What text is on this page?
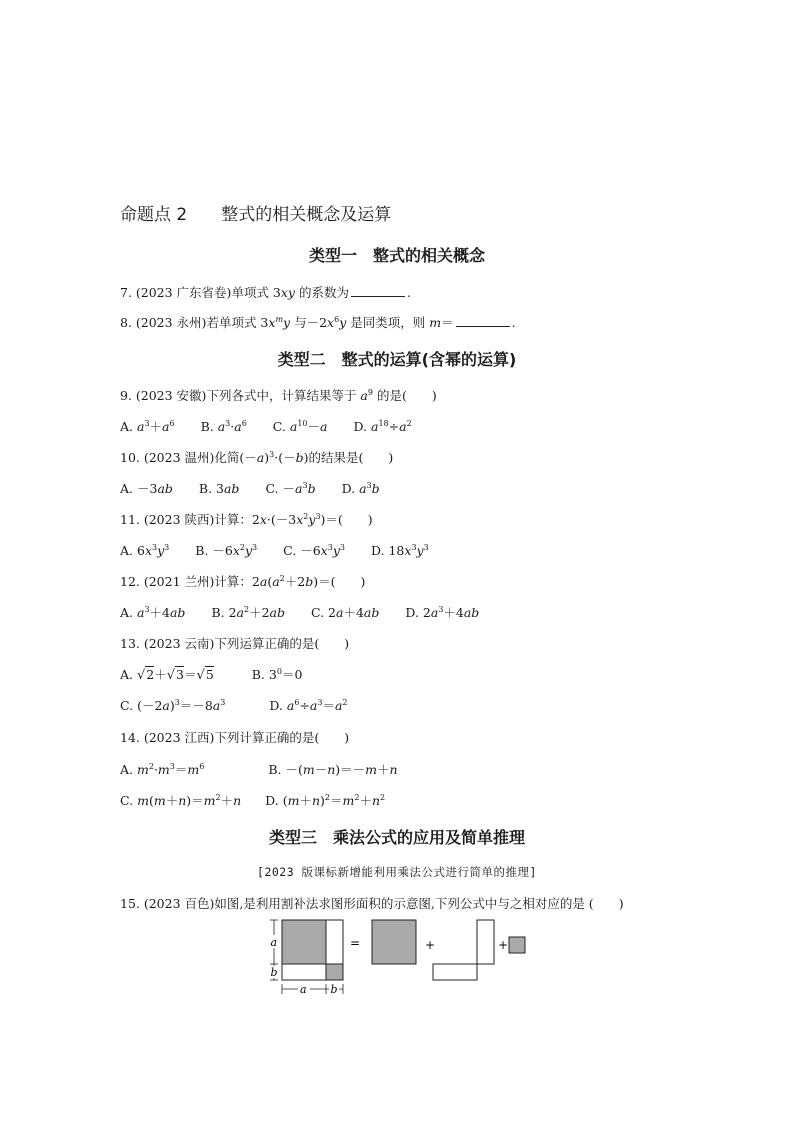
命题点 2 整式的相关概念及运算
类型一　整式的相关概念
7. (2023 广东省卷)单项式 3xy 的系数为	.
8. (2023 永州)若单项式 $3x^my$ 与$-2x^6y$ 是同类项，则 m＝	.
类型二　整式的运算(含幂的运算)
9. (2023 安徽)下列各式中，计算结果等于 $a^9$ 的是(　　)
A. $a^3+a^6$ B. $a^3\cdot a^6$ C. $a^{10}-a$ D. $a^{18}\div a^2$
10. (2023 温州)化简$(-a)^3\cdot(-b)$的结果是(　　)
A. －3ab B. 3ab C. $-a^3b$ D. $a^3b$
11. (2023 陕西)计算：$2x\cdot(-3x^2y^3)=$(　　)
A. $6x^3y^3$ B. $-6x^2y^3$ C. $-6x^3y^3$ D. $18x^3y^3$
12. (2021 兰州)计算：$2a(a^2+2b)=$(　　)
A. $a^3+4ab$ B. $2a^2+2ab$ C. 2a＋4ab D. $2a^3+4ab$
13. (2023 云南)下列运算正确的是(　　)
A. √2＋√3＝√5	B. $3^0=0$
C. $(-2a)^3=-8a^3$	D. $a^6\div a^3=a^2$
14. (2023 江西)下列计算正确的是(　　)
A. $m^2\cdot m^3=m^6$	B. －(m－n)＝－m＋n
C. $m(m+n)=m^2+n$ D. $(m+n)^2=m^2+n^2$
类型三　乘法公式的应用及简单推理
[2023 版课标新增能利用乘法公式进行简单的推理]
15. (2023 百色)如图,是利用割补法求图形面积的示意图,下列公式中与之相对应的是 (　　)
a
b
a b
=	+	+
